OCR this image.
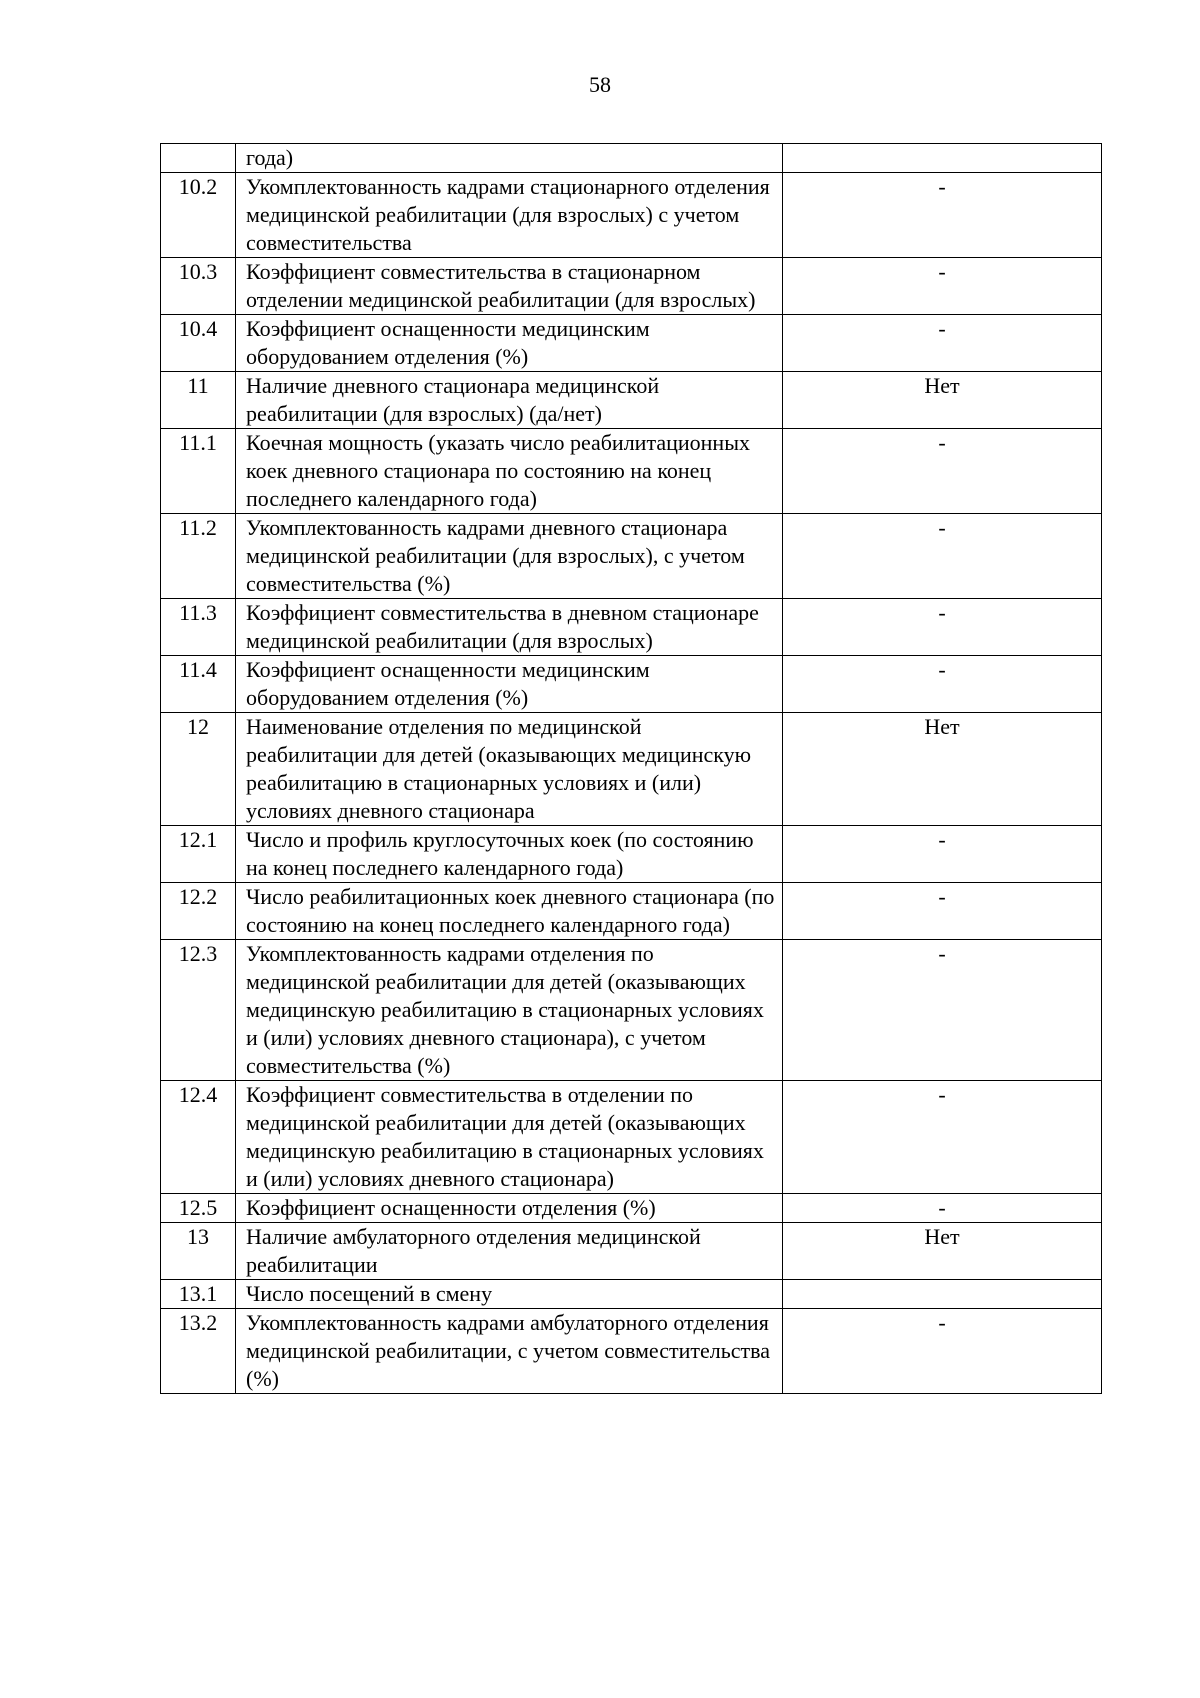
58
	года)	
10.2	Укомплектованность кадрами стационарного отделения медицинской реабилитации (для взрослых) с учетом совместительства	-
10.3	Коэффициент совместительства в стационарном отделении медицинской реабилитации (для взрослых)	-
10.4	Коэффициент оснащенности медицинским оборудованием отделения (%)	-
11	Наличие дневного стационара медицинской реабилитации (для взрослых) (да/нет)	Нет
11.1	Коечная мощность (указать число реабилитационных коек дневного стационара по состоянию на конец последнего календарного года)	-
11.2	Укомплектованность кадрами дневного стационара медицинской реабилитации (для взрослых), с учетом совместительства (%)	-
11.3	Коэффициент совместительства в дневном стационаре медицинской реабилитации (для взрослых)	-
11.4	Коэффициент оснащенности медицинским оборудованием отделения (%)	-
12	Наименование отделения по медицинской реабилитации для детей (оказывающих медицинскую реабилитацию в стационарных условиях и (или) условиях дневного стационара	Нет
12.1	Число и профиль круглосуточных коек (по состоянию на конец последнего календарного года)	-
12.2	Число реабилитационных коек дневного стационара (по состоянию на конец последнего календарного года)	-
12.3	Укомплектованность кадрами отделения по медицинской реабилитации для детей (оказывающих медицинскую реабилитацию в стационарных условиях и (или) условиях дневного стационара), с учетом совместительства (%)	-
12.4	Коэффициент совместительства в отделении по медицинской реабилитации для детей (оказывающих медицинскую реабилитацию в стационарных условиях и (или) условиях дневного стационара)	-
12.5	Коэффициент оснащенности отделения (%)	-
13	Наличие амбулаторного отделения медицинской реабилитации	Нет
13.1	Число посещений в смену	
13.2	Укомплектованность кадрами амбулаторного отделения медицинской реабилитации, с учетом совместительства (%)	-
